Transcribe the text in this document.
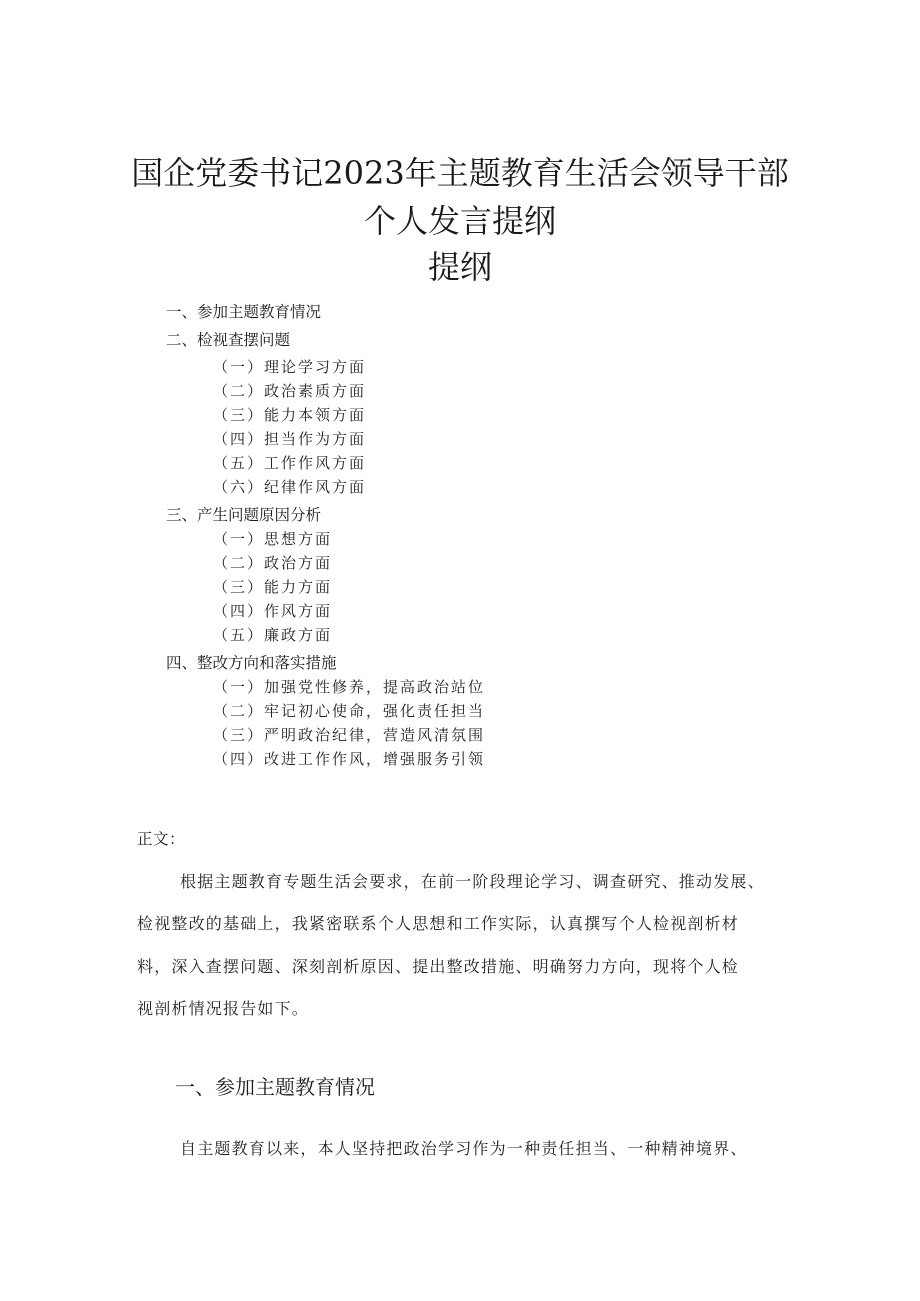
国企党委书记2023年主题教育生活会领导干部
个人发言提纲
提纲
一、参加主题教育情况
二、检视查摆问题
（一）理论学习方面
（二）政治素质方面
（三）能力本领方面
（四）担当作为方面
（五）工作作风方面
（六）纪律作风方面
三、产生问题原因分析
（一）思想方面
（二）政治方面
（三）能力方面
（四）作风方面
（五）廉政方面
四、整改方向和落实措施
（一）加强党性修养，提高政治站位
（二）牢记初心使命，强化责任担当
（三）严明政治纪律，营造风清氛围
（四）改进工作作风，增强服务引领
正文：
根据主题教育专题生活会要求，在前一阶段理论学习、调查研究、推动发展、
检视整改的基础上，我紧密联系个人思想和工作实际，认真撰写个人检视剖析材
料，深入查摆问题、深刻剖析原因、提出整改措施、明确努力方向，现将个人检
视剖析情况报告如下。
一、参加主题教育情况
自主题教育以来，本人坚持把政治学习作为一种责任担当、一种精神境界、
